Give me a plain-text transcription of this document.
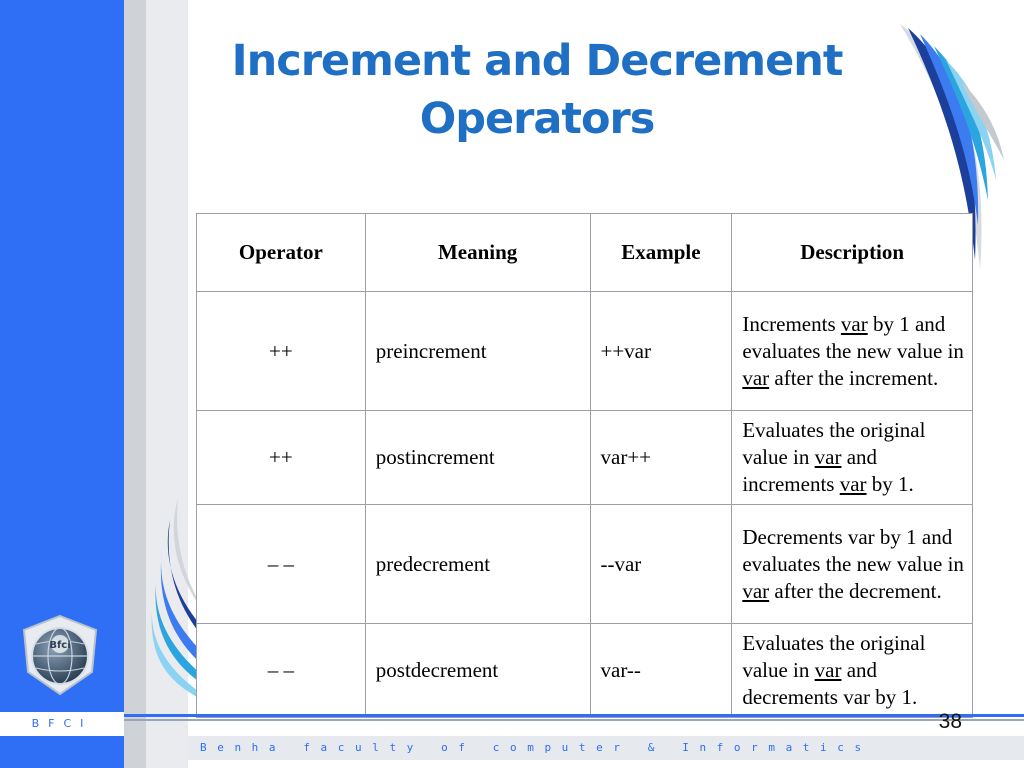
Increment and Decrement
Operators
Operator	Meaning	Example	Description
++	preincrement	++var	Increments var by 1 and evaluates the new value in var after the increment.
++	postincrement	var++	Evaluates the original value in var and increments var by 1.
– –	predecrement	--var	Decrements var by 1 and evaluates the new value in var after the decrement.
– –	postdecrement	var--	Evaluates the original value in var and decrements var by 1.
Bfci
BFCI
Benha faculty of computer & Informatics
38
